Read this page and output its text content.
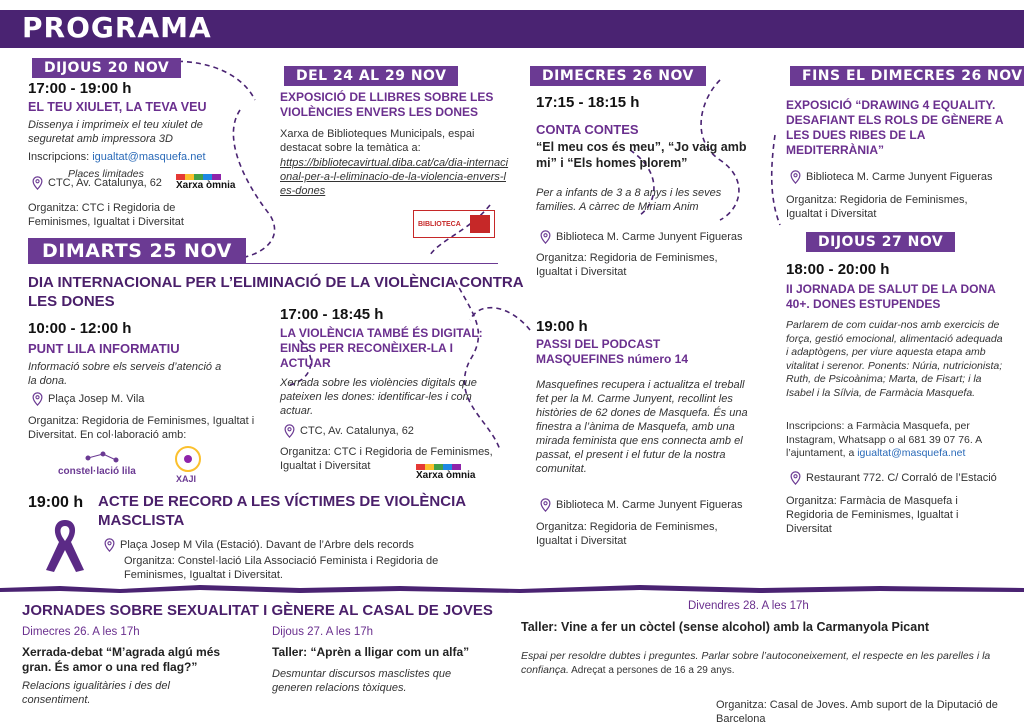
PROGRAMA
DIJOUS 20 NOV
17:00 - 19:00 h
EL TEU XIULET, LA TEVA VEU
Dissenya i imprimeix el teu xiulet de seguretat amb impressora 3D
Inscripcions: igualtat@masquefa.net
Places limitades
CTC, Av. Catalunya, 62 Xarxa òmnia
Organitza: CTC i Regidoria de Feminismes, Igualtat i Diversitat
DEL 24 AL 29 NOV
EXPOSICIÓ DE LLIBRES SOBRE LES VIOLÈNCIES ENVERS LES DONES
Xarxa de Biblioteques Municipals, espai destacat sobre la temàtica a:
https://bibliotecavirtual.diba.cat/ca/dia-internacional-per-a-l-eliminacio-de-la-violencia-envers-les-dones
BIBLIOTECA
DIMARTS 25 NOV
DIA INTERNACIONAL PER L’ELIMINACIÓ DE LA VIOLÈNCIA CONTRA LES DONES
10:00 - 12:00 h
PUNT LILA INFORMATIU
Informació sobre els serveis d’atenció a la dona.
Plaça Josep M. Vila
Organitza: Regidoria de Feminismes, Igualtat i Diversitat. En col·laboració amb:
constel·lació lila
XAJI
17:00 - 18:45 h
LA VIOLÈNCIA TAMBÉ ÉS DIGITAL: EINES PER RECONÈIXER-LA I ACTUAR
Xerrada sobre les violències digitals que pateixen les dones: identificar-les i com actuar.
CTC, Av. Catalunya, 62
Organitza: CTC i Regidoria de Feminismes, Igualtat i Diversitat
Xarxa òmnia
19:00 h ACTE DE RECORD A LES VÍCTIMES DE VIOLÈNCIA MASCLISTA
Plaça Josep M Vila (Estació). Davant de l’Arbre dels records
Organitza: Constel·lació Lila Associació Feminista i Regidoria de Feminismes, Igualtat i Diversitat.
DIMECRES 26 NOV
17:15 - 18:15 h
CONTA CONTES
“El meu cos és meu”, “Jo vaig amb mi” i “Els homes plorem”
Per a infants de 3 a 8 anys i les seves families. A càrrec de Miriam Anim
Biblioteca M. Carme Junyent Figueras
Organitza: Regidoria de Feminismes, Igualtat i Diversitat
19:00 h
PASSI DEL PODCAST MASQUEFINES número 14
Masquefines recupera i actualitza el treball fet per la M. Carme Junyent, recollint les històries de 62 dones de Masquefa. És una finestra a l’ànima de Masquefa, amb una mirada feminista que ens connecta amb el passat, el present i el futur de la nostra comunitat.
Biblioteca M. Carme Junyent Figueras
Organitza: Regidoria de Feminismes, Igualtat i Diversitat
FINS EL DIMECRES 26 NOV
EXPOSICIÓ “DRAWING 4 EQUALITY. DESAFIANT ELS ROLS DE GÈNERE A LES DUES RIBES DE LA MEDITERRÀNIA”
Biblioteca M. Carme Junyent Figueras
Organitza: Regidoria de Feminismes, Igualtat i Diversitat
DIJOUS 27 NOV
18:00 - 20:00 h
II JORNADA DE SALUT DE LA DONA 40+. DONES ESTUPENDES
Parlarem de com cuidar-nos amb exercicis de força, gestió emocional, alimentació adequada i adaptògens, per viure aquesta etapa amb vitalitat i serenor. Ponents: Núria, nutricionista; Ruth, de Psicoànima; Marta, de Fisart; i la Isabel i la Sílvia, de Farmàcia Masquefa.
Inscripcions: a Farmàcia Masquefa, per Instagram, Whatsapp o al 681 39 07 76. A l’ajuntament, a igualtat@masquefa.net
Restaurant 772. C/ Corraló de l’Estació
Organitza: Farmàcia de Masquefa i Regidoria de Feminismes, Igualtat i Diversitat
JORNADES SOBRE SEXUALITAT I GÈNERE AL CASAL DE JOVES	Divendres 28. A les 17h
Dimecres 26. A les 17h
Xerrada-debat “M’agrada algú més gran. És amor o una red flag?”
Relacions igualitàries i des del consentiment.
Dijous 27. A les 17h
Taller: “Aprèn a lligar com un alfa”
Desmuntar discursos masclistes que generen relacions tòxiques.
Taller: Vine a fer un còctel (sense alcohol) amb la Carmanyola Picant
Espai per resoldre dubtes i preguntes. Parlar sobre l’autoconeixement, el respecte en les parelles i la confiança. Adreçat a persones de 16 a 29 anys.
Organitza: Casal de Joves. Amb suport de la Diputació de Barcelona
